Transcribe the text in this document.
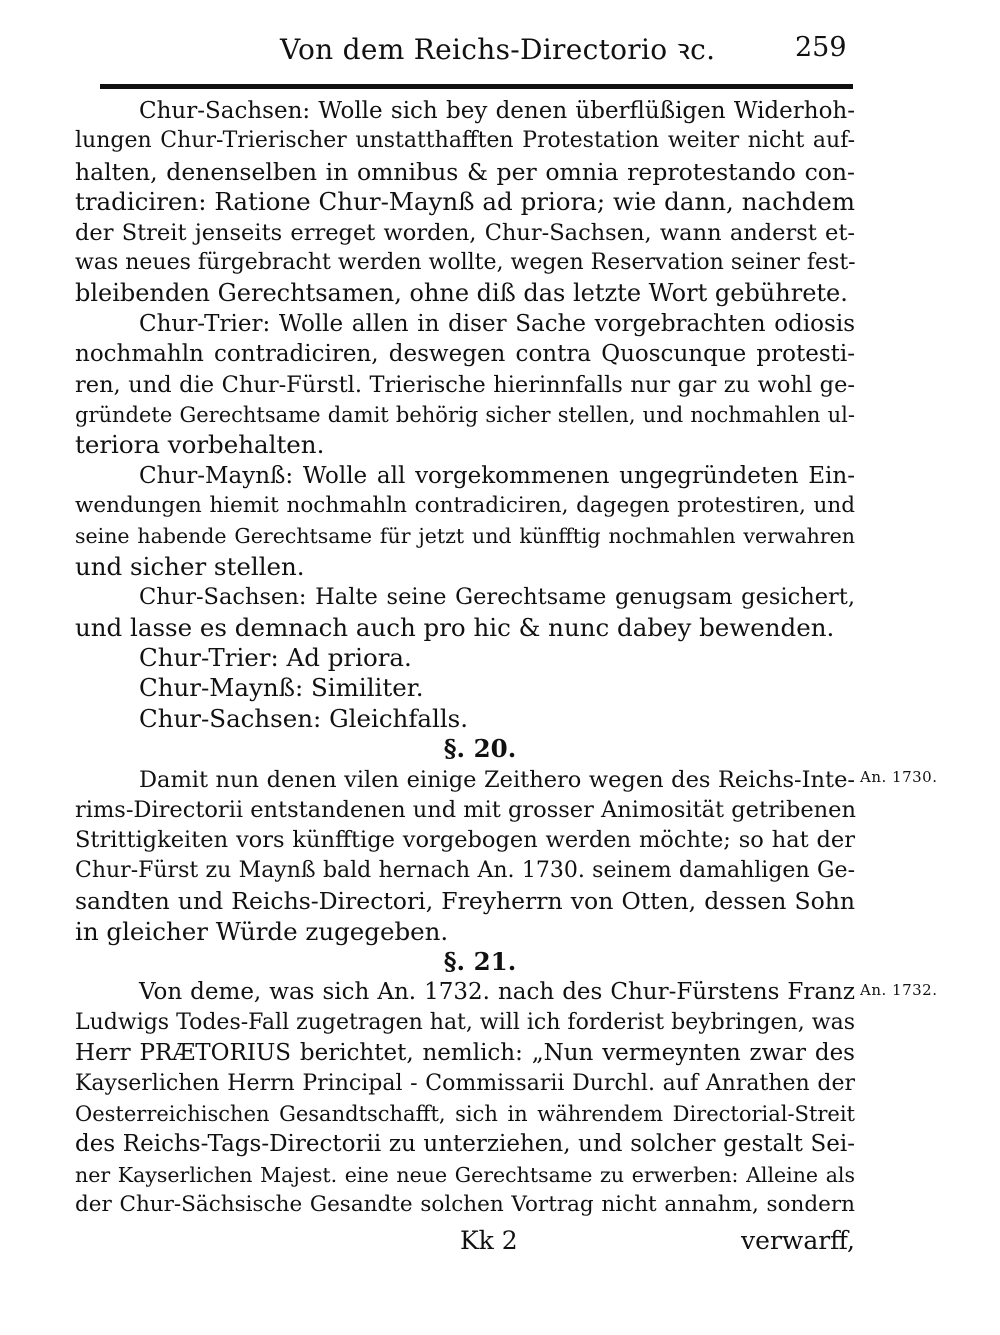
Von dem Reichs-Directorio ꝛc.	259
Chur-Sachsen: Wolle sich bey denen überflüßigen Widerhoh-
lungen Chur-Trierischer unstatthafften Protestation weiter nicht auf-
halten, denenselben in omnibus & per omnia reprotestando con-
tradiciren: Ratione Chur-Maynß ad priora; wie dann, nachdem
der Streit jenseits erreget worden, Chur-Sachsen, wann anderst et-
was neues fürgebracht werden wollte, wegen Reservation seiner fest-
bleibenden Gerechtsamen, ohne diß das letzte Wort gebührete.
Chur-Trier: Wolle allen in diser Sache vorgebrachten odiosis
nochmahln contradiciren, deswegen contra Quoscunque protesti-
ren, und die Chur-Fürstl. Trierische hierinnfalls nur gar zu wohl ge-
gründete Gerechtsame damit behörig sicher stellen, und nochmahlen ul-
teriora vorbehalten.
Chur-Maynß: Wolle all vorgekommenen ungegründeten Ein-
wendungen hiemit nochmahln contradiciren, dagegen protestiren, und
seine habende Gerechtsame für jetzt und künfftig nochmahlen verwahren
und sicher stellen.
Chur-Sachsen: Halte seine Gerechtsame genugsam gesichert,
und lasse es demnach auch pro hic & nunc dabey bewenden.
Chur-Trier: Ad priora.
Chur-Maynß: Similiter.
Chur-Sachsen: Gleichfalls.
§. 20.
Damit nun denen vilen einige Zeithero wegen des Reichs-Inte-
rims-Directorii entstandenen und mit grosser Animosität getribenen
Strittigkeiten vors künfftige vorgebogen werden möchte; so hat der
Chur-Fürst zu Maynß bald hernach An. 1730. seinem damahligen Ge-
sandten und Reichs-Directori, Freyherrn von Otten, dessen Sohn
in gleicher Würde zugegeben.
§. 21.
Von deme, was sich An. 1732. nach des Chur-Fürstens Franz
Ludwigs Todes-Fall zugetragen hat, will ich forderist beybringen, was
Herr PRÆTORIUS berichtet, nemlich: „Nun vermeynten zwar des
Kayserlichen Herrn Principal - Commissarii Durchl. auf Anrathen der
Oesterreichischen Gesandtschafft, sich in währendem Directorial-Streit
des Reichs-Tags-Directorii zu unterziehen, und solcher gestalt Sei-
ner Kayserlichen Majest. eine neue Gerechtsame zu erwerben: Alleine als
der Chur-Sächsische Gesandte solchen Vortrag nicht annahm, sondern
Kk 2	verwarff,
An. 1730.
An. 1732.
